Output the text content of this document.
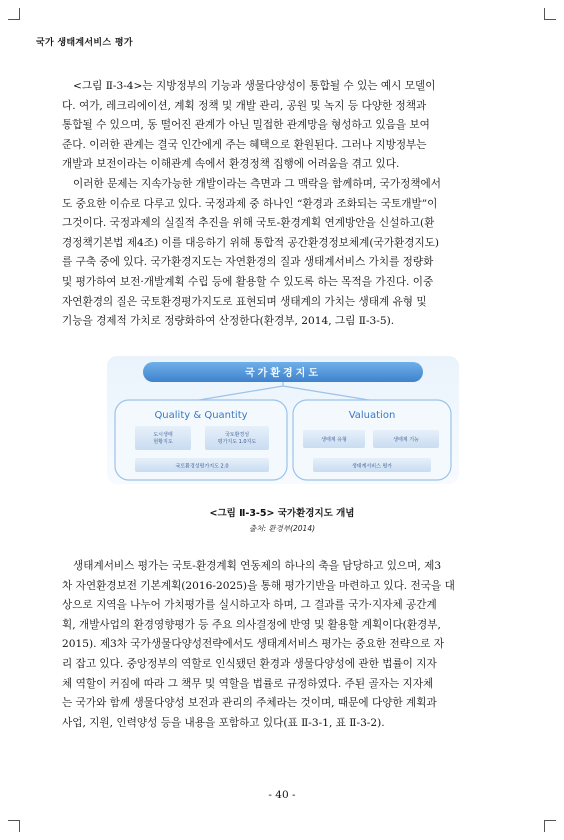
국가 생태계서비스 평가
<그림 Ⅱ-3-4>는 지방정부의 기능과 생물다양성이 통합될 수 있는 예시 모델이
다. 여가, 레크리에이션, 계획 정책 및 개발 관리, 공원 및 녹지 등 다양한 정책과
통합될 수 있으며, 동 떨어진 관계가 아닌 밀접한 관계망을 형성하고 있음을 보여
준다. 이러한 관계는 결국 인간에게 주는 혜택으로 환원된다. 그러나 지방정부는
개발과 보전이라는 이해관계 속에서 환경정책 집행에 어려움을 겪고 있다.
이러한 문제는 지속가능한 개발이라는 측면과 그 맥락을 함께하며, 국가정책에서
도 중요한 이슈로 다루고 있다. 국정과제 중 하나인 “환경과 조화되는 국토개발”이
그것이다. 국정과제의 실질적 추진을 위해 국토-환경계획 연계방안을 신설하고(환
경정책기본법 제4조) 이를 대응하기 위해 통합적 공간환경정보체계(국가환경지도)
를 구축 중에 있다. 국가환경지도는 자연환경의 질과 생태계서비스 가치를 정량화
및 평가하여 보전·개발계획 수립 등에 활용할 수 있도록 하는 목적을 가진다. 이중
자연환경의 질은 국토환경평가지도로 표현되며 생태계의 가치는 생태계 유형 및
기능을 경제적 가치로 정량화하여 산정한다(환경부, 2014, 그림 Ⅱ-3-5).
국가환경지도
Quality & Quantity
도시생태 현황지도
국토환경성 평가지도 1.0지도
국토환경성평가지도 2.0
Valuation
생태계 유형	생태계 기능
생태계서비스 평가
<그림 Ⅱ-3-5> 국가환경지도 개념
출처: 환경부(2014)
생태계서비스 평가는 국토-환경계획 연동제의 하나의 축을 담당하고 있으며, 제3
차 자연환경보전 기본계획(2016-2025)을 통해 평가기반을 마련하고 있다. 전국을 대
상으로 지역을 나누어 가치평가를 실시하고자 하며, 그 결과를 국가·지자체 공간계
획, 개발사업의 환경영향평가 등 주요 의사결정에 반영 및 활용할 계획이다(환경부,
2015). 제3차 국가생물다양성전략에서도 생태계서비스 평가는 중요한 전략으로 자
리 잡고 있다. 중앙정부의 역할로 인식됐던 환경과 생물다양성에 관한 법률이 지자
체 역할이 커짐에 따라 그 책무 및 역할을 법률로 규정하였다. 주된 골자는 지자체
는 국가와 함께 생물다양성 보전과 관리의 주체라는 것이며, 때문에 다양한 계획과
사업, 지원, 인력양성 등을 내용을 포함하고 있다(표 Ⅱ-3-1, 표 Ⅱ-3-2).
- 40 -
